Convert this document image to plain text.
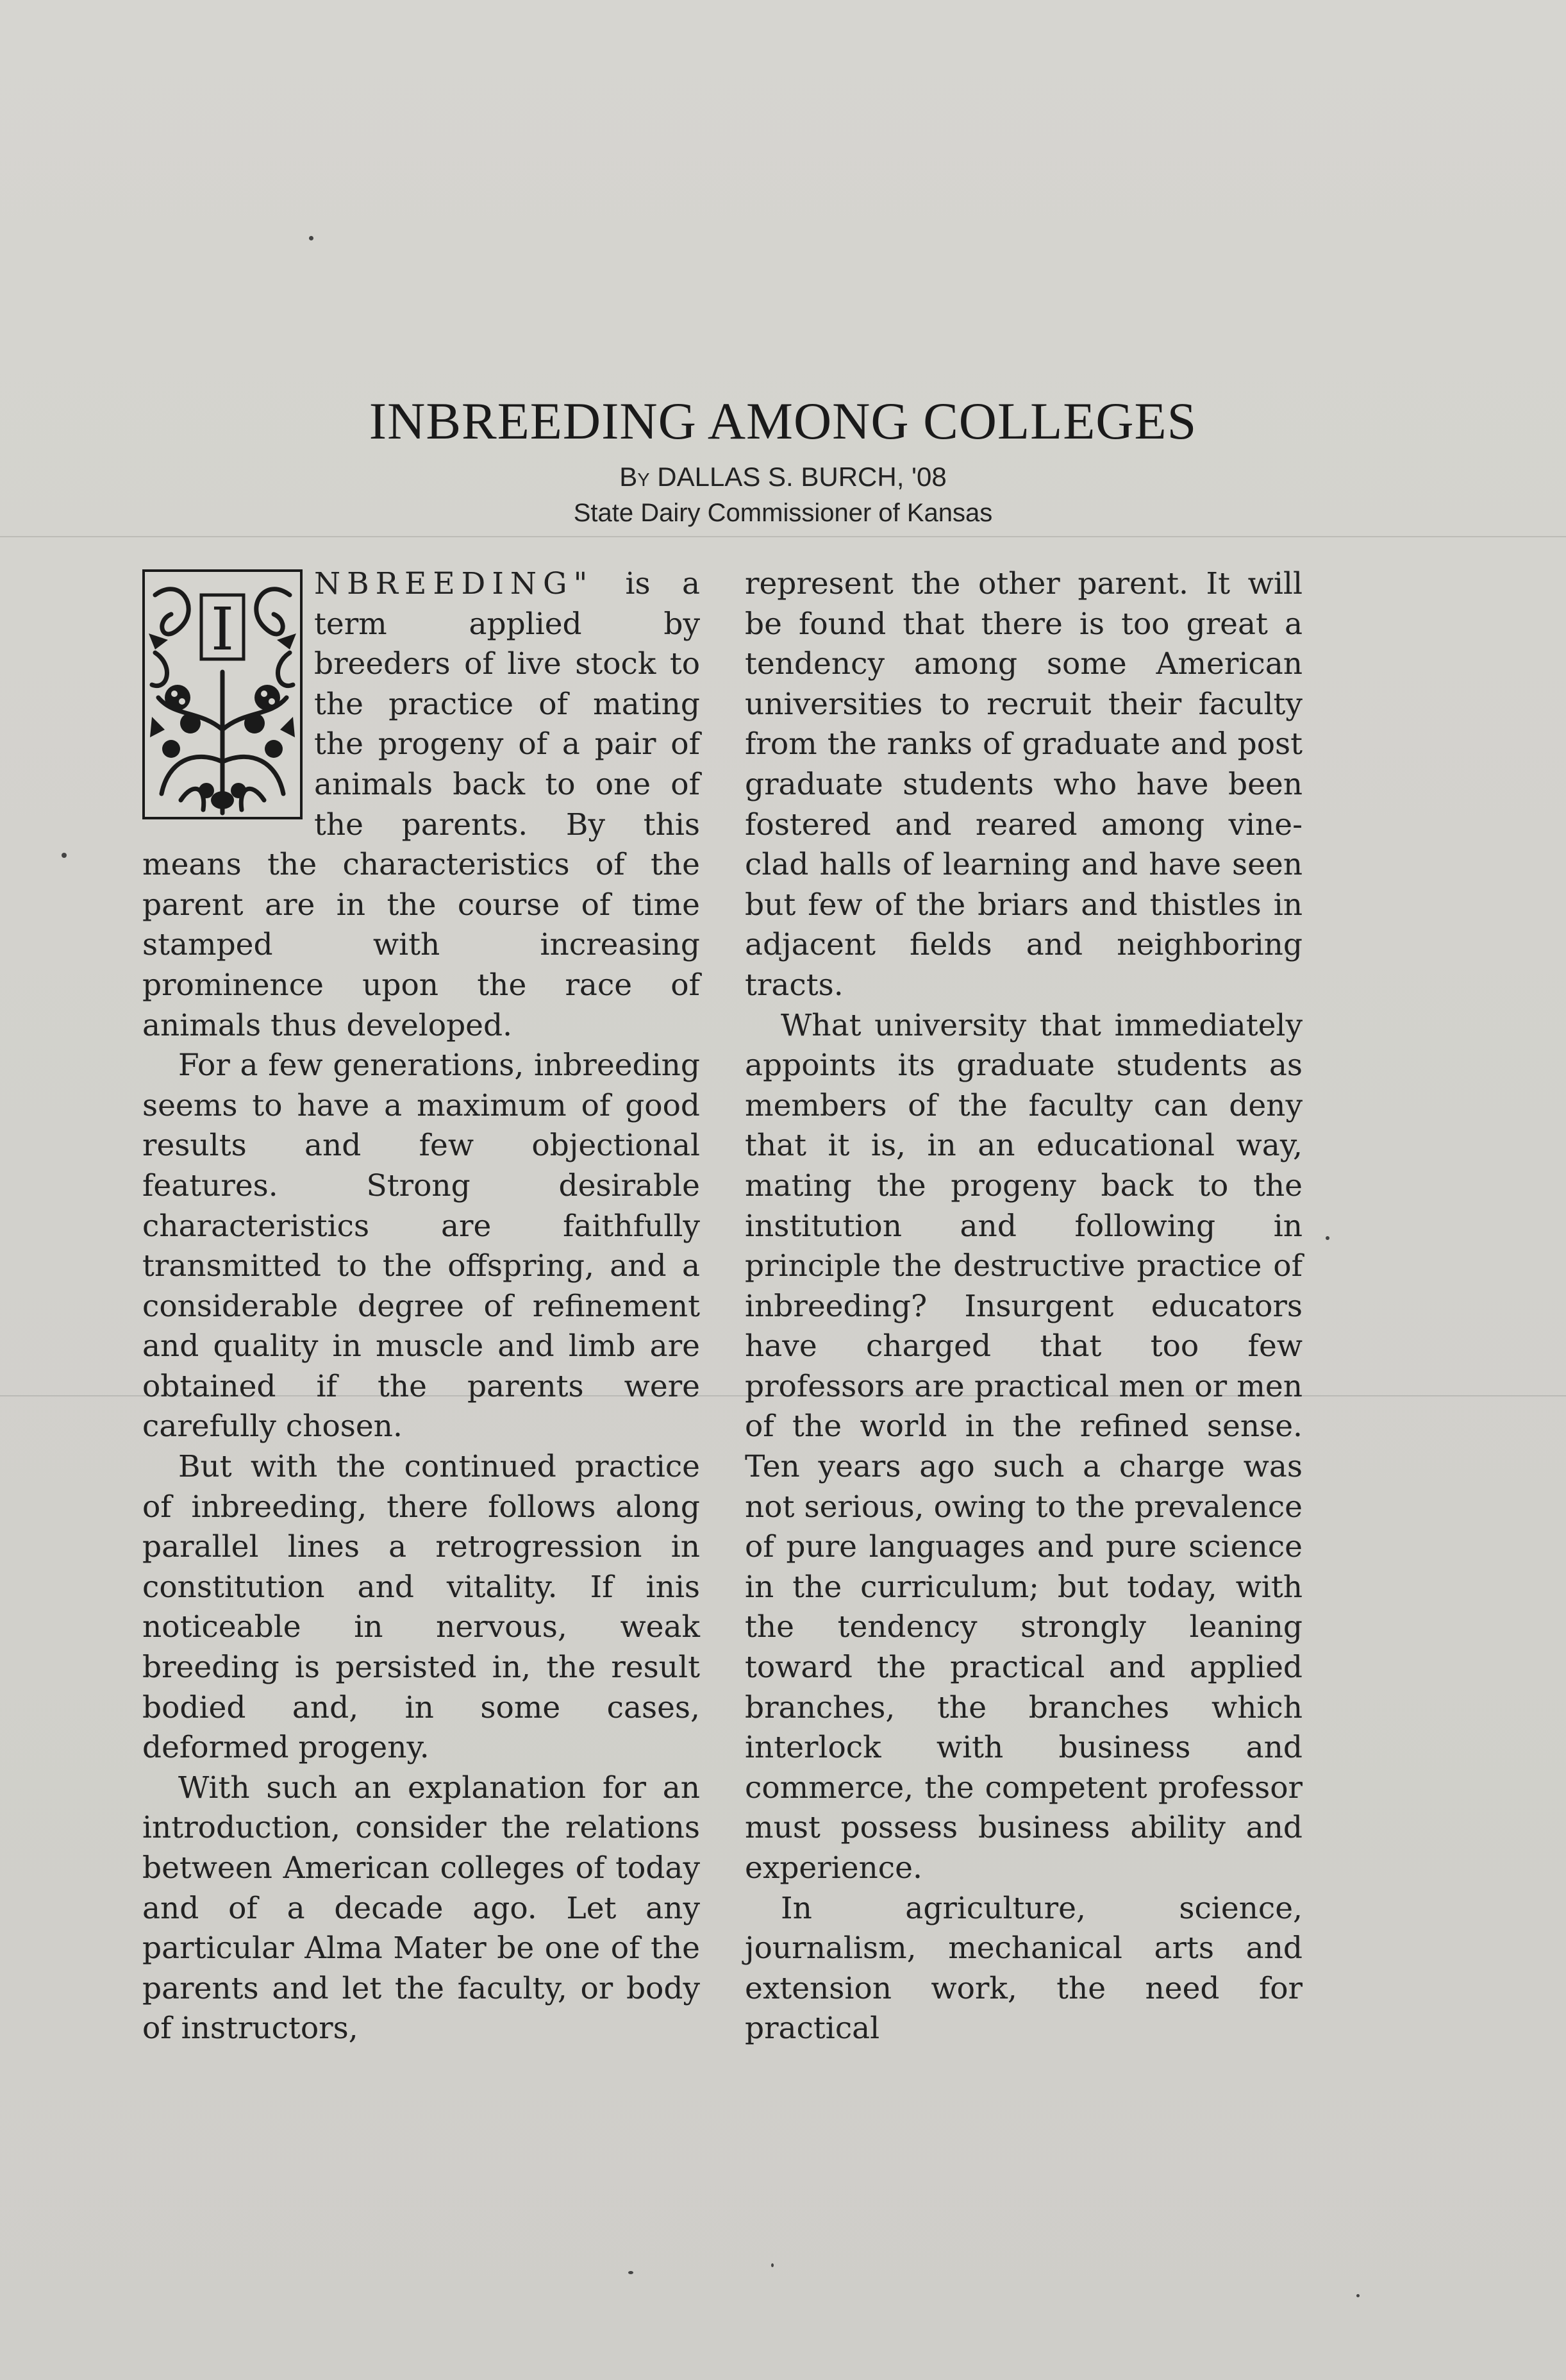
INBREEDING AMONG COLLEGES
By DALLAS S. BURCH, '08
State Dairy Commissioner of Kansas
I

NBREEDING" is a term applied by breeders of live stock to the practice of mating the progeny of a pair of animals back to one of the parents. By this means the characteristics of the parent are in the course of time stamped with increasing prominence upon the race of animals thus developed.

For a few generations, inbreeding seems to have a maximum of good results and few objectional features. Strong desirable characteristics are faithfully transmitted to the offspring, and a considerable degree of refinement and quality in muscle and limb are obtained if the parents were carefully chosen.

But with the continued practice of inbreeding, there follows along parallel lines a retrogression in constitution and vitality. If inis noticeable in nervous, weak breeding is persisted in, the result bodied and, in some cases, deformed progeny.

With such an explanation for an introduction, consider the relations between American colleges of today and of a decade ago. Let any particular Alma Mater be one of the parents and let the faculty, or body of instructors,

represent the other parent. It will be found that there is too great a tendency among some American universities to recruit their faculty from the ranks of graduate and post graduate students who have been fostered and reared among vine-clad halls of learning and have seen but few of the briars and thistles in adjacent fields and neighboring tracts.

What university that immediately appoints its graduate students as members of the faculty can deny that it is, in an educational way, mating the progeny back to the institution and following in principle the destructive practice of inbreeding? Insurgent educators have charged that too few professors are practical men or men of the world in the refined sense. Ten years ago such a charge was not serious, owing to the prevalence of pure languages and pure science in the curriculum; but today, with the tendency strongly leaning toward the practical and applied branches, the branches which interlock with business and commerce, the competent professor must possess business ability and experience.

In agriculture, science, journalism, mechanical arts and extension work, the need for practical
